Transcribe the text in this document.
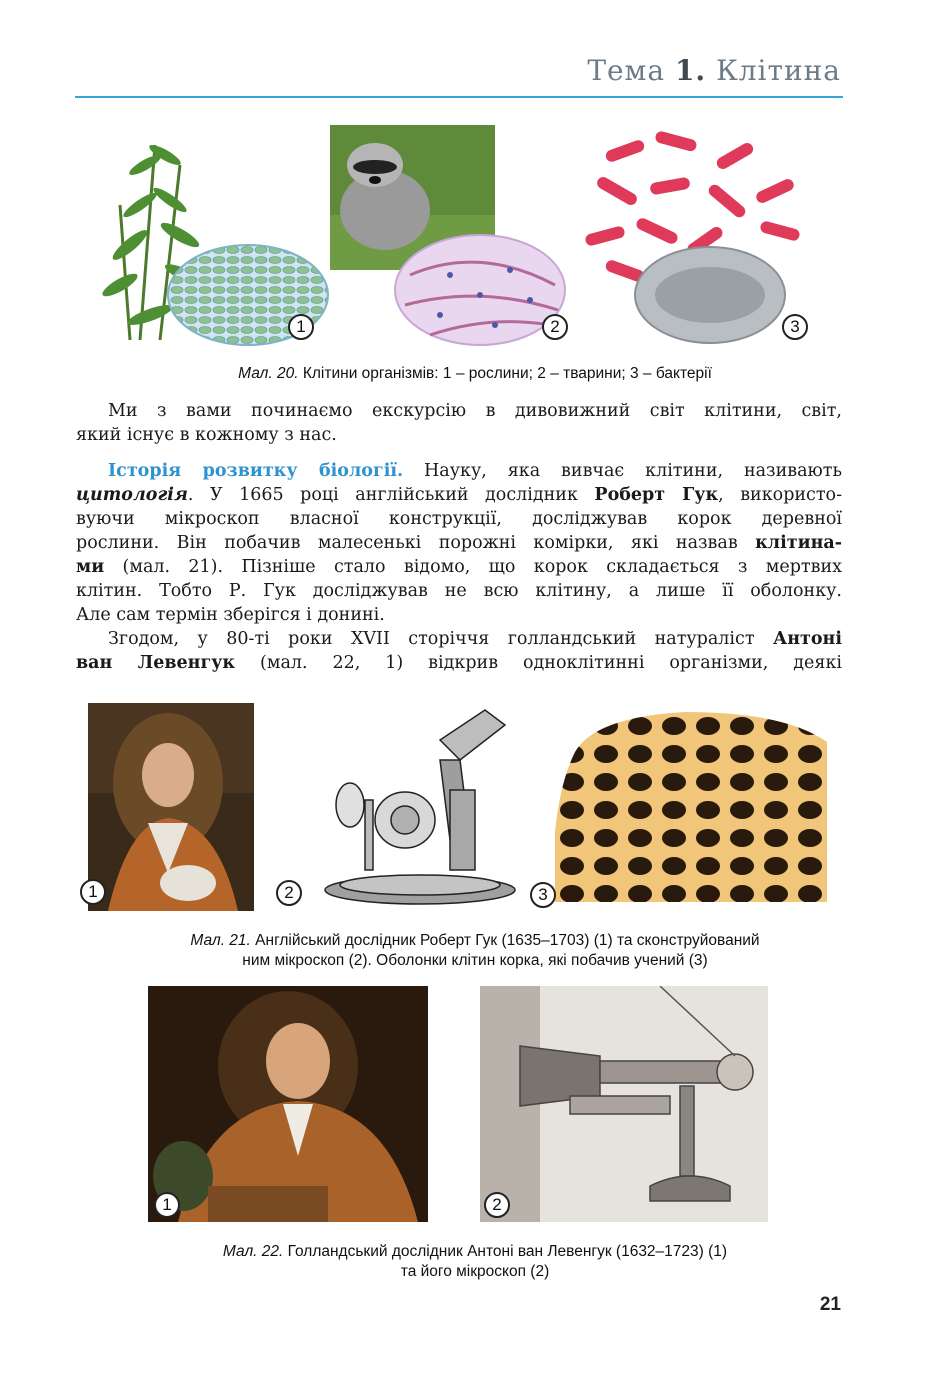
Тема 1. Клітина
1	2	3
Мал. 20. Клітини організмів: 1 – рослини; 2 – тварини; 3 – бактерії
Ми з вами починаємо екскурсію в дивовижний світ клітини, світ,
який існує в кожному з нас.
Історія розвитку біології. Науку, яка вивчає клітини, називають
цитологія. У 1665 році англійський дослідник Роберт Гук, використо-
вуючи мікроскоп власної конструкції, досліджував корок деревної
рослини. Він побачив малесенькі порожні комірки, які назвав клітина-
ми (мал. 21). Пізніше стало відомо, що корок складається з мертвих
клітин. Тобто Р. Гук досліджував не всю клітину, а лише її оболонку.
Але сам термін зберігся і донині.
Згодом, у 80-ті роки XVII сторіччя голландський натураліст Антоні
ван Левенгук (мал. 22, 1) відкрив одноклітинні організми, деякі
1	2	3
Мал. 21. Англійський дослідник Роберт Гук (1635–1703) (1) та сконструйований
ним мікроскоп (2). Оболонки клітин корка, які побачив учений (3)
1	2
Мал. 22. Голландський дослідник Антоні ван Левенгук (1632–1723) (1)
та його мікроскоп (2)
21
